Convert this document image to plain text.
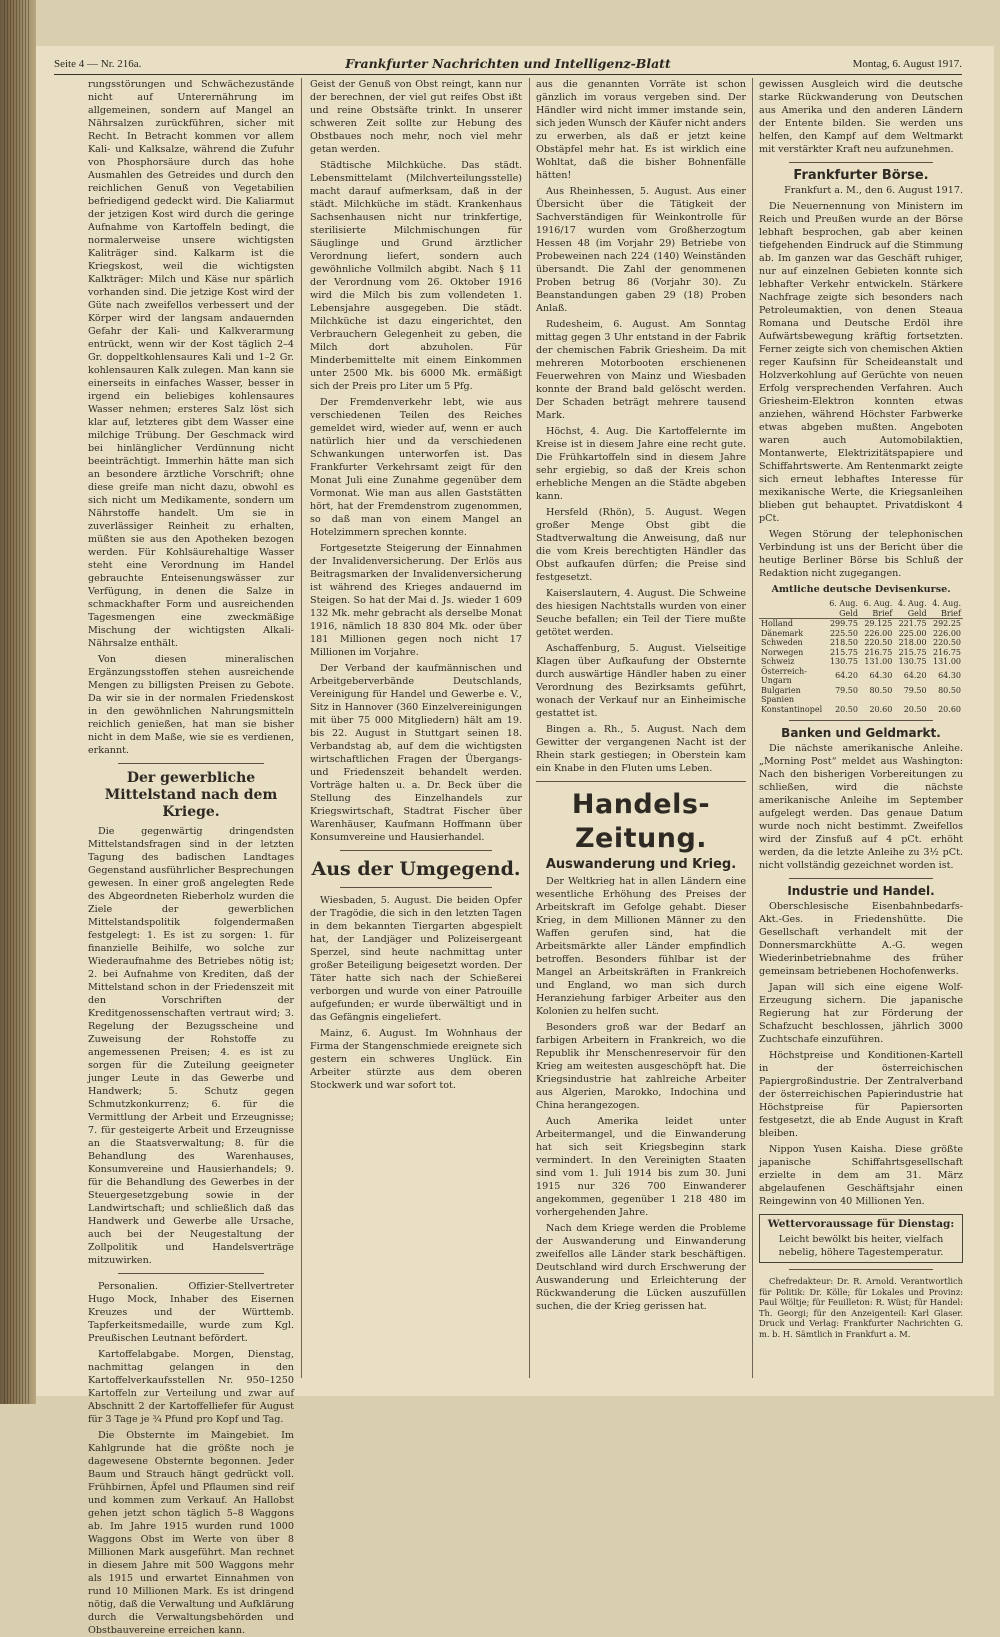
Seite 4 — Nr. 216a.	Frankfurter Nachrichten und Intelligenz-Blatt	Montag, 6. August 1917.

rungsstörungen und Schwächezustände nicht auf Unterernährung im allgemeinen, sondern auf Mangel an Nährsalzen zurückführen, sicher mit Recht. In Betracht kommen vor allem Kali- und Kalksalze, während die Zufuhr von Phosphorsäure durch das hohe Ausmahlen des Getreides und durch den reichlichen Genuß von Vegetabilien befriedigend gedeckt wird. Die Kaliarmut der jetzigen Kost wird durch die geringe Aufnahme von Kartoffeln bedingt, die normalerweise unsere wichtigsten Kaliträger sind. Kalkarm ist die Kriegskost, weil die wichtigsten Kalkträger: Milch und Käse nur spärlich vorhanden sind. Die jetzige Kost wird der Güte nach zweifellos verbessert und der Körper wird der langsam andauernden Gefahr der Kali- und Kalkverarmung entrückt, wenn wir der Kost täglich 2–4 Gr. doppeltkohlensaures Kali und 1–2 Gr. kohlensauren Kalk zulegen. Man kann sie einerseits in einfaches Wasser, besser in irgend ein beliebiges kohlensaures Wasser nehmen; ersteres Salz löst sich klar auf, letzteres gibt dem Wasser eine milchige Trübung. Der Geschmack wird bei hinlänglicher Verdünnung nicht beeinträchtigt. Immerhin hätte man sich an besondere ärztliche Vorschrift; ohne diese greife man nicht dazu, obwohl es sich nicht um Medikamente, sondern um Nährstoffe handelt. Um sie in zuverlässiger Reinheit zu erhalten, müßten sie aus den Apotheken bezogen werden. Für Kohlsäurehaltige Wasser steht eine Verordnung im Handel gebrauchte Enteisenungswässer zur Verfügung, in denen die Salze in schmackhafter Form und ausreichenden Tagesmengen eine zweckmäßige Mischung der wichtigsten Alkali-Nährsalze enthält.

Von diesen mineralischen Ergänzungsstoffen stehen ausreichende Mengen zu billigsten Preisen zu Gebote. Da wir sie in der normalen Friedenskost in den gewöhnlichen Nahrungsmitteln reichlich genießen, hat man sie bisher nicht in dem Maße, wie sie es verdienen, erkannt.

Der gewerbliche Mittelstand nach dem Kriege.

Die gegenwärtig dringendsten Mittelstandsfragen sind in der letzten Tagung des badischen Landtages Gegenstand ausführlicher Besprechungen gewesen. In einer groß angelegten Rede des Abgeordneten Rieberholz wurden die Ziele der gewerblichen Mittelstandspolitik folgendermaßen festgelegt: 1. Es ist zu sorgen: 1. für finanzielle Beihilfe, wo solche zur Wiederaufnahme des Betriebes nötig ist; 2. bei Aufnahme von Krediten, daß der Mittelstand schon in der Friedenszeit mit den Vorschriften der Kreditgenossenschaften vertraut wird; 3. Regelung der Bezugsscheine und Zuweisung der Rohstoffe zu angemessenen Preisen; 4. es ist zu sorgen für die Zuteilung geeigneter junger Leute in das Gewerbe und Handwerk; 5. Schutz gegen Schmutzkonkurrenz; 6. für die Vermittlung der Arbeit und Erzeugnisse; 7. für gesteigerte Arbeit und Erzeugnisse an die Staatsverwaltung; 8. für die Behandlung des Warenhauses, Konsumvereine und Hausierhandels; 9. für die Behandlung des Gewerbes in der Steuergesetzgebung sowie in der Landwirtschaft; und schließlich daß das Handwerk und Gewerbe alle Ursache, auch bei der Neugestaltung der Zollpolitik und Handelsverträge mitzuwirken.

Personalien. Offizier-Stellvertreter Hugo Mock, Inhaber des Eisernen Kreuzes und der Württemb. Tapferkeitsmedaille, wurde zum Kgl. Preußischen Leutnant befördert.

Kartoffelabgabe. Morgen, Dienstag, nachmittag gelangen in den Kartoffelverkaufsstellen Nr. 950–1250 Kartoffeln zur Verteilung und zwar auf Abschnitt 2 der Kartoffelliefer für August für 3 Tage je ¾ Pfund pro Kopf und Tag.

Die Obsternte im Maingebiet. Im Kahlgrunde hat die größte noch je dagewesene Obsternte begonnen. Jeder Baum und Strauch hängt gedrückt voll. Frühbirnen, Äpfel und Pflaumen sind reif und kommen zum Verkauf. An Hallobst gehen jetzt schon täglich 5–8 Waggons ab. Im Jahre 1915 wurden rund 1000 Waggons Obst im Werte von über 8 Millionen Mark ausgeführt. Man rechnet in diesem Jahre mit 500 Waggons mehr als 1915 und erwartet Einnahmen von rund 10 Millionen Mark. Es ist dringend nötig, daß die Verwaltung und Aufklärung durch die Verwaltungsbehörden und Obstbauvereine erreichen kann.

Geist der Genuß von Obst reingt, kann nur der berechnen, der viel gut reifes Obst ißt und reine Obstsäfte trinkt. In unserer schweren Zeit sollte zur Hebung des Obstbaues noch mehr, noch viel mehr getan werden.

Städtische Milchküche. Das städt. Lebensmittelamt (Milchverteilungsstelle) macht darauf aufmerksam, daß in der städt. Milchküche im städt. Krankenhaus Sachsenhausen nicht nur trinkfertige, sterilisierte Milchmischungen für Säuglinge und Grund ärztlicher Verordnung liefert, sondern auch gewöhnliche Vollmilch abgibt. Nach § 11 der Verordnung vom 26. Oktober 1916 wird die Milch bis zum vollendeten 1. Lebensjahre ausgegeben. Die städt. Milchküche ist dazu eingerichtet, den Verbrauchern Gelegenheit zu geben, die Milch dort abzuholen. Für Minderbemittelte mit einem Einkommen unter 2500 Mk. bis 6000 Mk. ermäßigt sich der Preis pro Liter um 5 Pfg.

Der Fremdenverkehr lebt, wie aus verschiedenen Teilen des Reiches gemeldet wird, wieder auf, wenn er auch natürlich hier und da verschiedenen Schwankungen unterworfen ist. Das Frankfurter Verkehrsamt zeigt für den Monat Juli eine Zunahme gegenüber dem Vormonat. Wie man aus allen Gaststätten hört, hat der Fremdenstrom zugenommen, so daß man von einem Mangel an Hotelzimmern sprechen konnte.

Fortgesetzte Steigerung der Einnahmen der Invalidenversicherung. Der Erlös aus Beitragsmarken der Invalidenversicherung ist während des Krieges andauernd im Steigen. So hat der Mai d. Js. wieder 1 609 132 Mk. mehr gebracht als derselbe Monat 1916, nämlich 18 830 804 Mk. oder über 181 Millionen gegen noch nicht 17 Millionen im Vorjahre.

Der Verband der kaufmännischen und Arbeitgeberverbände Deutschlands, Vereinigung für Handel und Gewerbe e. V., Sitz in Hannover (360 Einzelvereinigungen mit über 75 000 Mitgliedern) hält am 19. bis 22. August in Stuttgart seinen 18. Verbandstag ab, auf dem die wichtigsten wirtschaftlichen Fragen der Übergangs- und Friedenszeit behandelt werden. Vorträge halten u. a. Dr. Beck über die Stellung des Einzelhandels zur Kriegswirtschaft, Stadtrat Fischer über Warenhäuser, Kaufmann Hoffmann über Konsumvereine und Hausierhandel.

Aus der Umgegend.

Wiesbaden, 5. August. Die beiden Opfer der Tragödie, die sich in den letzten Tagen in dem bekannten Tiergarten abgespielt hat, der Landjäger und Polizeisergeant Sperzel, sind heute nachmittag unter großer Beteiligung beigesetzt worden. Der Täter hatte sich nach der Schießerei verborgen und wurde von einer Patrouille aufgefunden; er wurde überwältigt und in das Gefängnis eingeliefert.

Mainz, 6. August. Im Wohnhaus der Firma der Stangenschmiede ereignete sich gestern ein schweres Unglück. Ein Arbeiter stürzte aus dem oberen Stockwerk und war sofort tot.

aus die genannten Vorräte ist schon gänzlich im voraus vergeben sind. Der Händler wird nicht immer imstande sein, sich jeden Wunsch der Käufer nicht anders zu erwerben, als daß er jetzt keine Obstäpfel mehr hat. Es ist wirklich eine Wohltat, daß die bisher Bohnenfälle hätten!

Aus Rheinhessen, 5. August. Aus einer Übersicht über die Tätigkeit der Sachverständigen für Weinkontrolle für 1916/17 wurden vom Großherzogtum Hessen 48 (im Vorjahr 29) Betriebe von Probeweinen nach 224 (140) Weinständen übersandt. Die Zahl der genommenen Proben betrug 86 (Vorjahr 30). Zu Beanstandungen gaben 29 (18) Proben Anlaß.

Rudesheim, 6. August. Am Sonntag mittag gegen 3 Uhr entstand in der Fabrik der chemischen Fabrik Griesheim. Da mit mehreren Motorbooten erschienenen Feuerwehren von Mainz und Wiesbaden konnte der Brand bald gelöscht werden. Der Schaden beträgt mehrere tausend Mark.

Höchst, 4. Aug. Die Kartoffelernte im Kreise ist in diesem Jahre eine recht gute. Die Frühkartoffeln sind in diesem Jahre sehr ergiebig, so daß der Kreis schon erhebliche Mengen an die Städte abgeben kann.

Hersfeld (Rhön), 5. August. Wegen großer Menge Obst gibt die Stadtverwaltung die Anweisung, daß nur die vom Kreis berechtigten Händler das Obst aufkaufen dürfen; die Preise sind festgesetzt.

Kaiserslautern, 4. August. Die Schweine des hiesigen Nachtstalls wurden von einer Seuche befallen; ein Teil der Tiere mußte getötet werden.

Aschaffenburg, 5. August. Vielseitige Klagen über Aufkaufung der Obsternte durch auswärtige Händler haben zu einer Verordnung des Bezirksamts geführt, wonach der Verkauf nur an Einheimische gestattet ist.

Bingen a. Rh., 5. August. Nach dem Gewitter der vergangenen Nacht ist der Rhein stark gestiegen; in Oberstein kam ein Knabe in den Fluten ums Leben.

Handels-Zeitung.
Auswanderung und Krieg.

Der Weltkrieg hat in allen Ländern eine wesentliche Erhöhung des Preises der Arbeitskraft im Gefolge gehabt. Dieser Krieg, in dem Millionen Männer zu den Waffen gerufen sind, hat die Arbeitsmärkte aller Länder empfindlich betroffen. Besonders fühlbar ist der Mangel an Arbeitskräften in Frankreich und England, wo man sich durch Heranziehung farbiger Arbeiter aus den Kolonien zu helfen sucht.

Besonders groß war der Bedarf an farbigen Arbeitern in Frankreich, wo die Republik ihr Menschenreservoir für den Krieg am weitesten ausgeschöpft hat. Die Kriegsindustrie hat zahlreiche Arbeiter aus Algerien, Marokko, Indochina und China herangezogen.

Auch Amerika leidet unter Arbeitermangel, und die Einwanderung hat sich seit Kriegsbeginn stark vermindert. In den Vereinigten Staaten sind vom 1. Juli 1914 bis zum 30. Juni 1915 nur 326 700 Einwanderer angekommen, gegenüber 1 218 480 im vorhergehenden Jahre.

Nach dem Kriege werden die Probleme der Auswanderung und Einwanderung zweifellos alle Länder stark beschäftigen. Deutschland wird durch Erschwerung der Auswanderung und Erleichterung der Rückwanderung die Lücken auszufüllen suchen, die der Krieg gerissen hat.

gewissen Ausgleich wird die deutsche starke Rückwanderung von Deutschen aus Amerika und den anderen Ländern der Entente bilden. Sie werden uns helfen, den Kampf auf dem Weltmarkt mit verstärkter Kraft neu aufzunehmen.

Frankfurter Börse.

Frankfurt a. M., den 6. August 1917.

Die Neuernennung von Ministern im Reich und Preußen wurde an der Börse lebhaft besprochen, gab aber keinen tiefgehenden Eindruck auf die Stimmung ab. Im ganzen war das Geschäft ruhiger, nur auf einzelnen Gebieten konnte sich lebhafter Verkehr entwickeln. Stärkere Nachfrage zeigte sich besonders nach Petroleumaktien, von denen Steaua Romana und Deutsche Erdöl ihre Aufwärtsbewegung kräftig fortsetzten. Ferner zeigte sich von chemischen Aktien reger Kaufsinn für Scheideanstalt und Holzverkohlung auf Gerüchte von neuen Erfolg versprechenden Verfahren. Auch Griesheim-Elektron konnten etwas anziehen, während Höchster Farbwerke etwas abgeben mußten. Angeboten waren auch Automobilaktien, Montanwerte, Elektrizitätspapiere und Schiffahrtswerte. Am Rentenmarkt zeigte sich erneut lebhaftes Interesse für mexikanische Werte, die Kriegsanleihen blieben gut behauptet. Privatdiskont 4 pCt.

Wegen Störung der telephonischen Verbindung ist uns der Bericht über die heutige Berliner Börse bis Schluß der Redaktion nicht zugegangen.

Amtliche deutsche Devisenkurse.
	6. Aug. Geld	6. Aug. Brief	4. Aug. Geld	4. Aug. Brief
Holland	299.75	29.125	221.75	292.25
Dänemark	225.50	226.00	225.00	226.00
Schweden	218.50	220.50	218.00	220.50
Norwegen	215.75	216.75	215.75	216.75
Schweiz	130.75	131.00	130.75	131.00
Österreich-Ungarn	64.20	64.30	64.20	64.30
Bulgarien	79.50	80.50	79.50	80.50
Spanien				
Konstantinopel	20.50	20.60	20.50	20.60
Banken und Geldmarkt.

Die nächste amerikanische Anleihe. „Morning Post“ meldet aus Washington: Nach den bisherigen Vorbereitungen zu schließen, wird die nächste amerikanische Anleihe im September aufgelegt werden. Das genaue Datum wurde noch nicht bestimmt. Zweifellos wird der Zinsfuß auf 4 pCt. erhöht werden, da die letzte Anleihe zu 3½ pCt. nicht vollständig gezeichnet worden ist.

Industrie und Handel.

Oberschlesische Eisenbahnbedarfs-Akt.-Ges. in Friedenshütte. Die Gesellschaft verhandelt mit der Donnersmarckhütte A.-G. wegen Wiederinbetriebnahme des früher gemeinsam betriebenen Hochofenwerks.

Japan will sich eine eigene Wolf-Erzeugung sichern. Die japanische Regierung hat zur Förderung der Schafzucht beschlossen, jährlich 3000 Zuchtschafe einzuführen.

Höchstpreise und Konditionen-Kartell in der österreichischen Papiergroßindustrie. Der Zentralverband der österreichischen Papierindustrie hat Höchstpreise für Papiersorten festgesetzt, die ab Ende August in Kraft bleiben.

Nippon Yusen Kaisha. Diese größte japanische Schiffahrtsgesellschaft erzielte in dem am 31. März abgelaufenen Geschäftsjahr einen Reingewinn von 40 Millionen Yen.

Wettervoraussage für Dienstag:
Leicht bewölkt bis heiter, vielfach nebelig, höhere Tagestemperatur.

Chefredakteur: Dr. R. Arnold. Verantwortlich für Politik: Dr. Kölle; für Lokales und Provinz: Paul Wöltje; für Feuilleton: R. Wüst; für Handel: Th. Georgi; für den Anzeigenteil: Karl Glaser. Druck und Verlag: Frankfurter Nachrichten G. m. b. H. Sämtlich in Frankfurt a. M.
